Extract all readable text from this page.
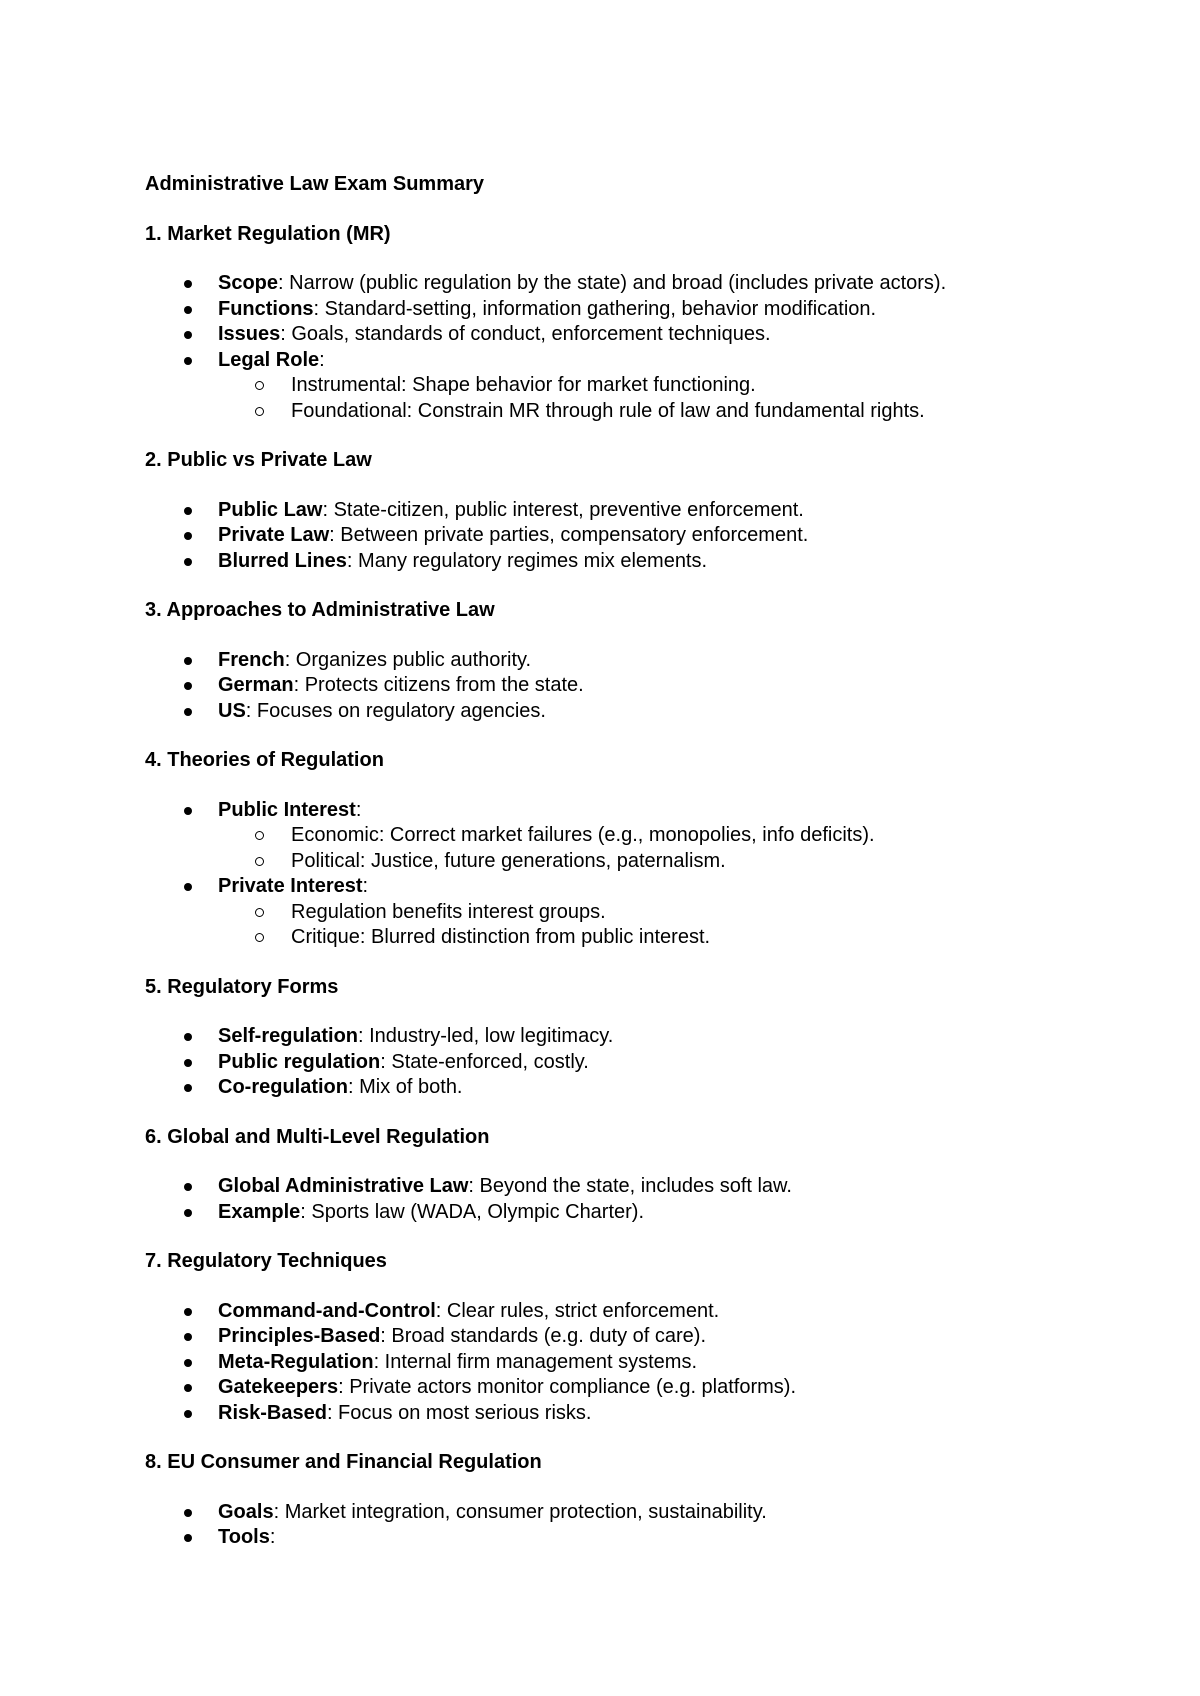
Administrative Law Exam Summary
1. Market Regulation (MR)
Scope: Narrow (public regulation by the state) and broad (includes private actors).
Functions: Standard-setting, information gathering, behavior modification.
Issues: Goals, standards of conduct, enforcement techniques.
Legal Role:
Instrumental: Shape behavior for market functioning.
Foundational: Constrain MR through rule of law and fundamental rights.
2. Public vs Private Law
Public Law: State-citizen, public interest, preventive enforcement.
Private Law: Between private parties, compensatory enforcement.
Blurred Lines: Many regulatory regimes mix elements.
3. Approaches to Administrative Law
French: Organizes public authority.
German: Protects citizens from the state.
US: Focuses on regulatory agencies.
4. Theories of Regulation
Public Interest:
Economic: Correct market failures (e.g., monopolies, info deficits).
Political: Justice, future generations, paternalism.
Private Interest:
Regulation benefits interest groups.
Critique: Blurred distinction from public interest.
5. Regulatory Forms
Self-regulation: Industry-led, low legitimacy.
Public regulation: State-enforced, costly.
Co-regulation: Mix of both.
6. Global and Multi-Level Regulation
Global Administrative Law: Beyond the state, includes soft law.
Example: Sports law (WADA, Olympic Charter).
7. Regulatory Techniques
Command-and-Control: Clear rules, strict enforcement.
Principles-Based: Broad standards (e.g. duty of care).
Meta-Regulation: Internal firm management systems.
Gatekeepers: Private actors monitor compliance (e.g. platforms).
Risk-Based: Focus on most serious risks.
8. EU Consumer and Financial Regulation
Goals: Market integration, consumer protection, sustainability.
Tools:
